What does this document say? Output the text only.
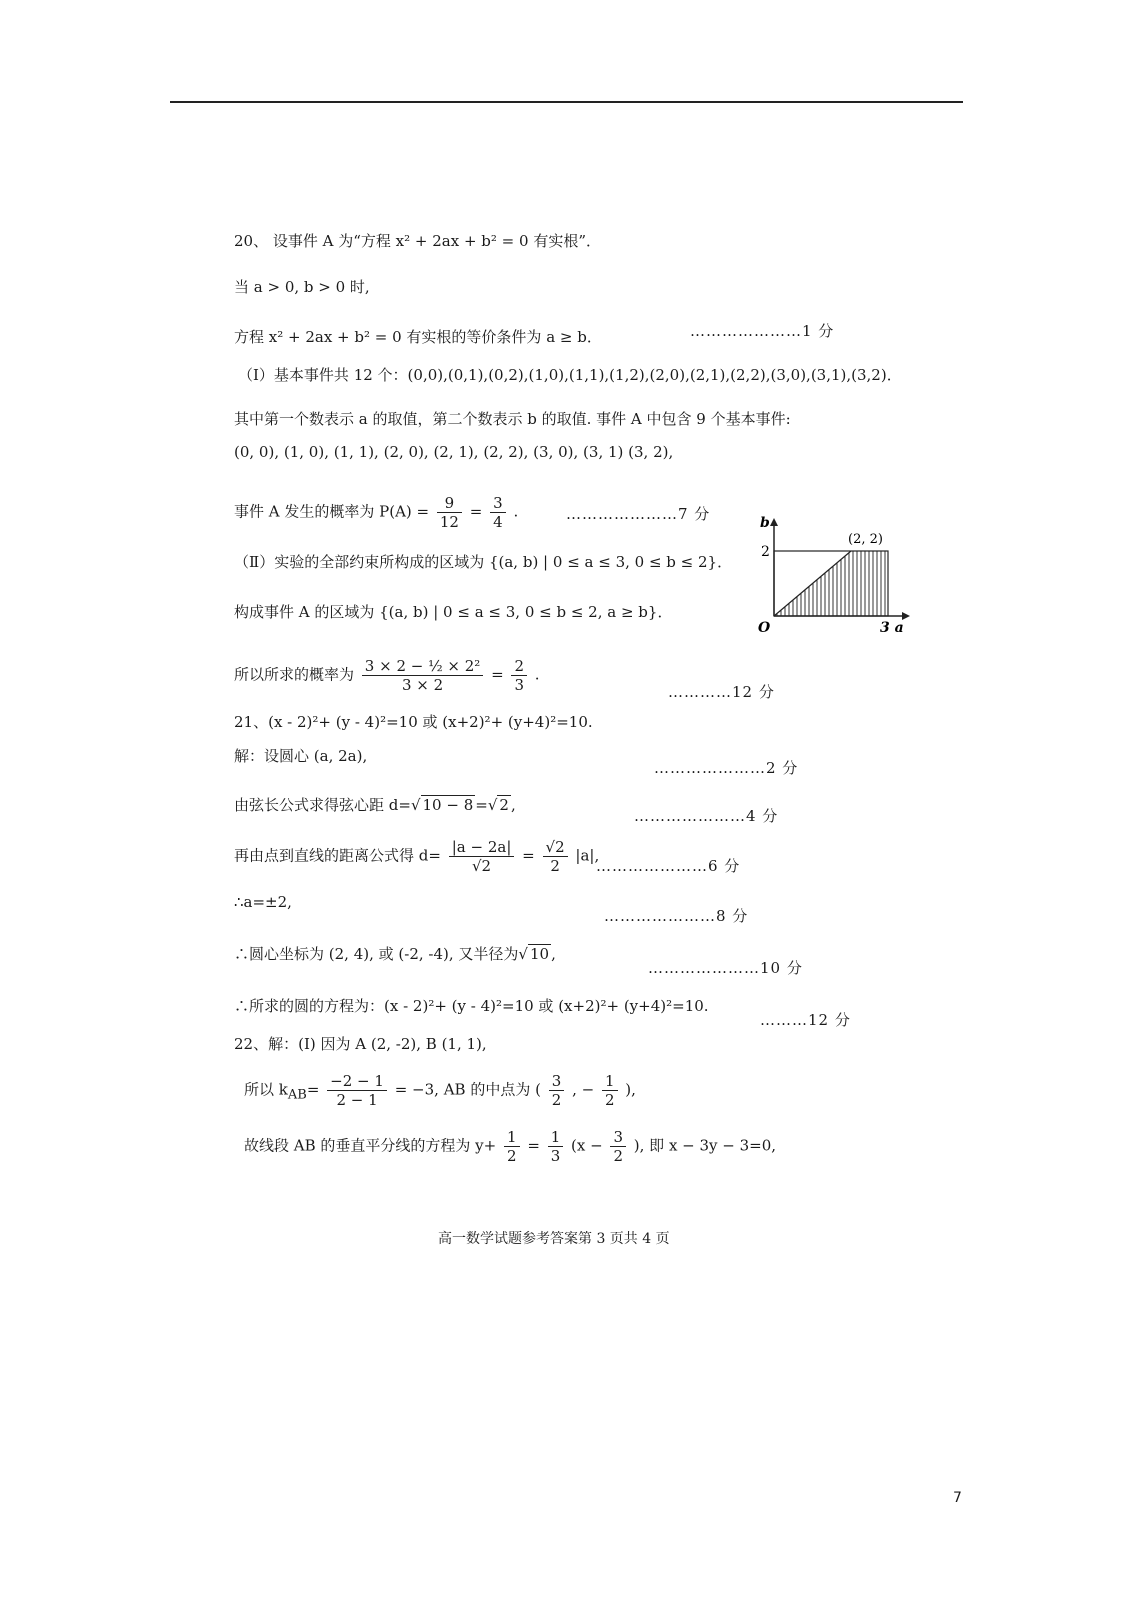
20、 设事件 A 为“方程 x² + 2ax + b² = 0 有实根”．
当 a > 0, b > 0 时,
方程 x² + 2ax + b² = 0 有实根的等价条件为 a ≥ b．	…………………1 分
（Ⅰ）基本事件共 12 个：(0,0),(0,1),(0,2),(1,0),(1,1),(1,2),(2,0),(2,1),(2,2),(3,0),(3,1),(3,2)．
其中第一个数表示 a 的取值，第二个数表示 b 的取值. 事件 A 中包含 9 个基本事件:
(0, 0), (1, 0), (1, 1), (2, 0), (2, 1), (2, 2), (3, 0), (3, 1) (3, 2),
事件 A 发生的概率为 $P(A) = \frac{9}{12} = \frac{3}{4}$ .	…………………7 分
（Ⅱ）实验的全部约束所构成的区域为 {(a, b) | 0 ≤ a ≤ 3, 0 ≤ b ≤ 2}．
构成事件 A 的区域为 {(a, b) | 0 ≤ a ≤ 3, 0 ≤ b ≤ 2, a ≥ b}．
所以所求的概率为 $\frac{\text{3 × 2 − ½ × 2²}}{3 \times 2} = \frac{2}{3}$ .
…………12 分
b
2
O	3 a
(2, 2)
21、(x - 2)²+ (y - 4)²=10 或 (x+2)²+ (y+4)²=10.
解：设圆心 (a, 2a),
…………………2 分
由弦长公式求得弦心距 d=√ 10 − 8 =√ 2 ,
…………………4 分
再由点到直线的距离公式得 $d= \frac{|a - 2a|}{√2} = \frac{√2}{2} |a|$,
…………………6 分
∴a=±2,
…………………8 分
∴圆心坐标为 (2, 4), 或 (-2, -4), 又半径为√ 10 ,
…………………10 分
∴所求的圆的方程为：(x - 2)²+ (y - 4)²=10 或 (x+2)²+ (y+4)²=10.
………12 分
22、解：(Ⅰ) 因为 A (2, -2), B (1, 1),
所以 $k_{AB}= \frac{-2 - 1}{2 - 1} = -3$, AB 的中点为 ( $\frac{3}{2}$ , − $\frac{1}{2}$ ),
故线段 AB 的垂直平分线的方程为 $y+ \frac{1}{2} = \frac{1}{3} (x - \frac{3}{2}$ ), 即 x − 3y − 3=0,
高一数学试题参考答案第 3 页共 4 页
7
